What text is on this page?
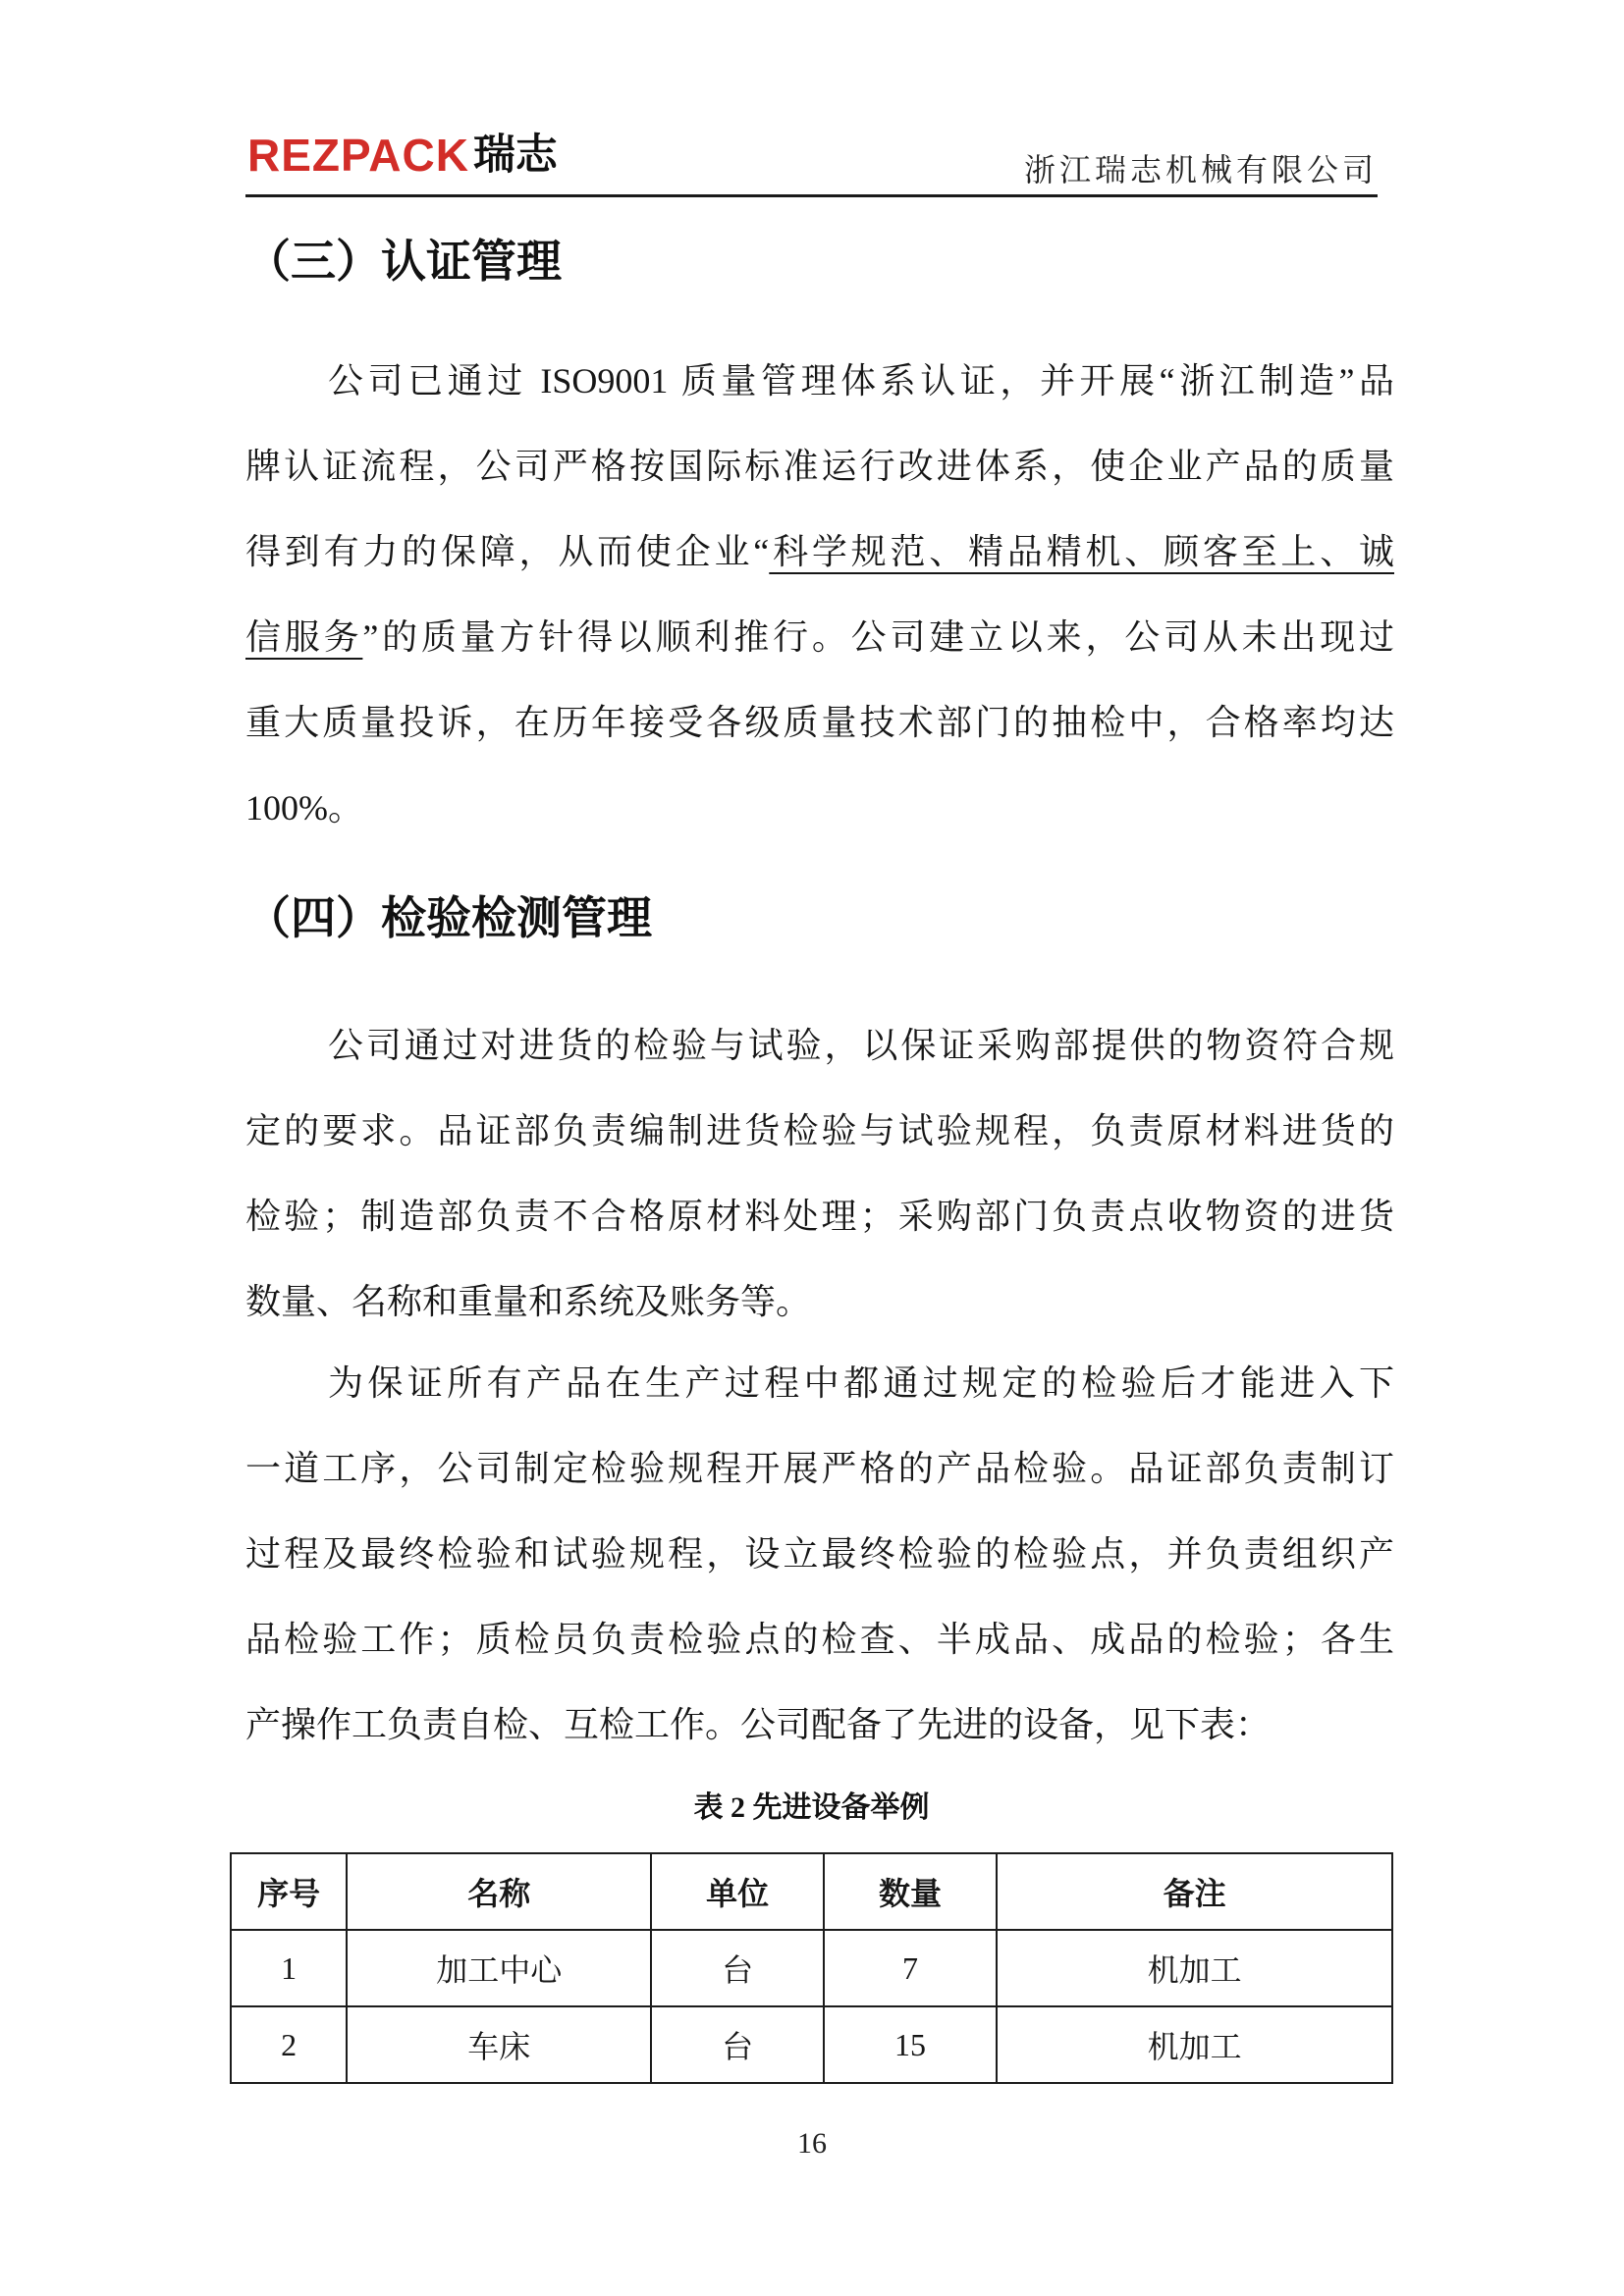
REZPACK 瑞志	浙江瑞志机械有限公司
（三）认证管理
公司已通过 ISO9001 质量管理体系认证，并开展“浙江制造”品
牌认证流程，公司严格按国际标准运行改进体系，使企业产品的质量
得到有力的保障，从而使企业“科学规范、精品精机、顾客至上、诚
信服务”的质量方针得以顺利推行。公司建立以来，公司从未出现过
重大质量投诉，在历年接受各级质量技术部门的抽检中，合格率均达
100%。
（四）检验检测管理
公司通过对进货的检验与试验，以保证采购部提供的物资符合规
定的要求。品证部负责编制进货检验与试验规程，负责原材料进货的
检验；制造部负责不合格原材料处理；采购部门负责点收物资的进货
数量、名称和重量和系统及账务等。
为保证所有产品在生产过程中都通过规定的检验后才能进入下
一道工序，公司制定检验规程开展严格的产品检验。品证部负责制订
过程及最终检验和试验规程，设立最终检验的检验点，并负责组织产
品检验工作；质检员负责检验点的检查、半成品、成品的检验；各生
产操作工负责自检、互检工作。公司配备了先进的设备，见下表：
表 2 先进设备举例
序号	名称	单位	数量	备注
1	加工中心	台	7	机加工
2	车床	台	15	机加工
16
